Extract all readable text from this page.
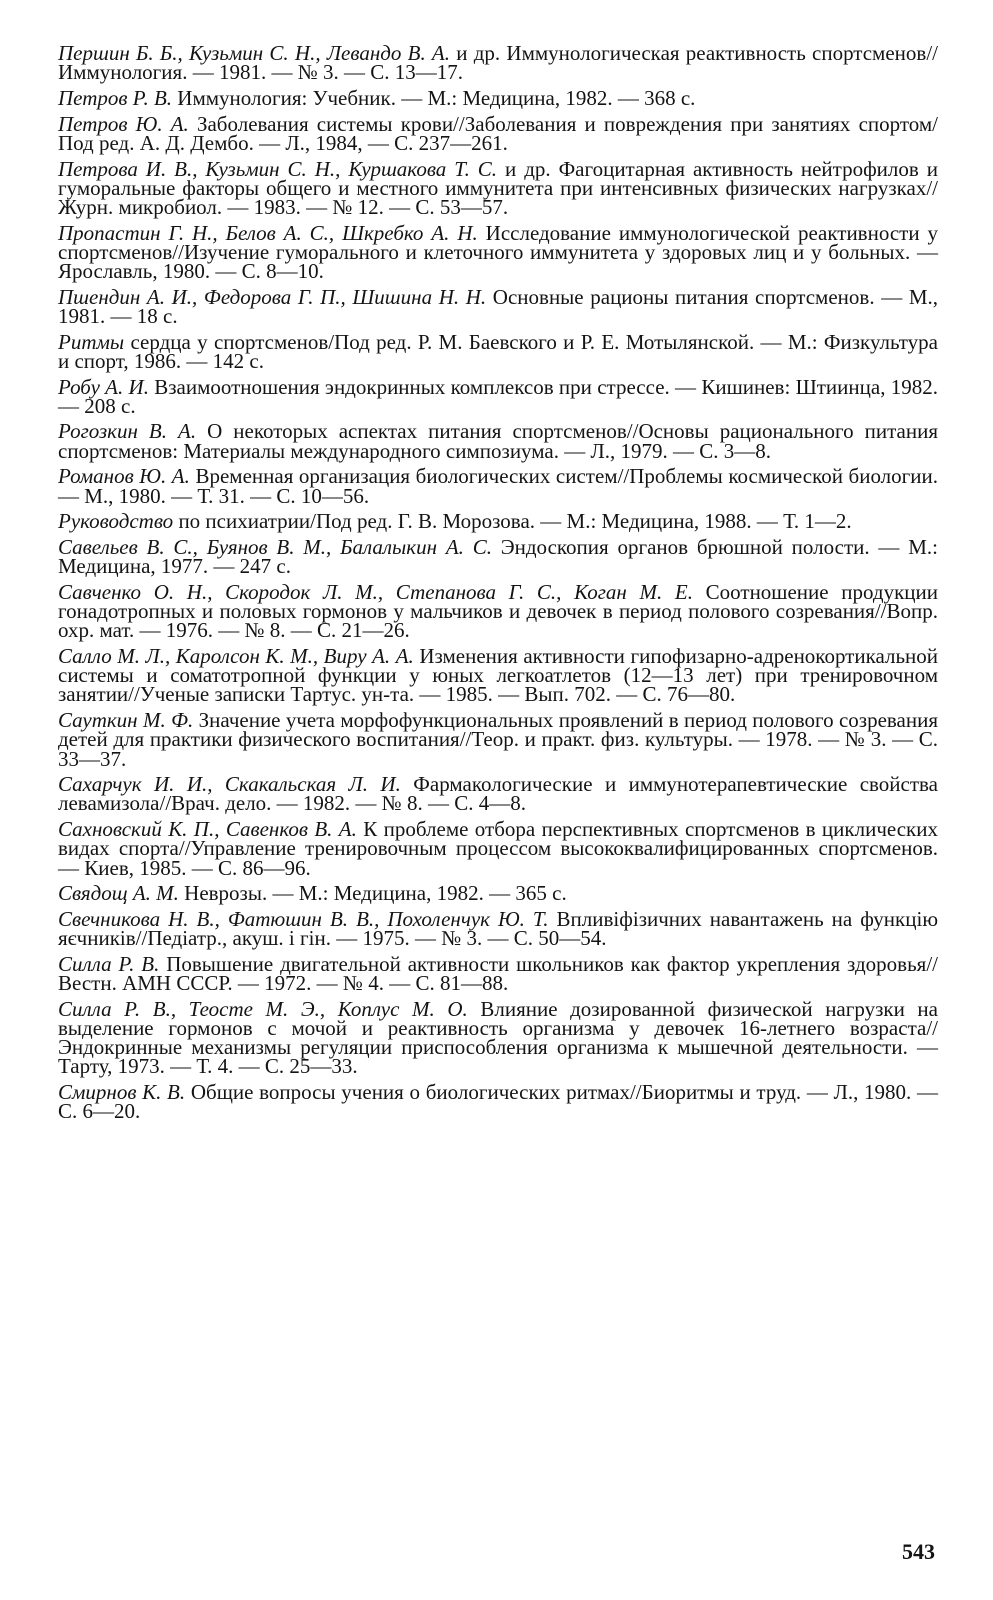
Першин Б. Б., Кузьмин С. Н., Левандо В. А. и др. Иммунологическая реактивность спортсменов//Иммунология. — 1981. — № 3. — С. 13—17.

Петров Р. В. Иммунология: Учебник. — М.: Медицина, 1982. — 368 с.

Петров Ю. А. Заболевания системы крови//Заболевания и повреждения при занятиях спортом/Под ред. А. Д. Дембо. — Л., 1984, — С. 237—261.

Петрова И. В., Кузьмин С. Н., Куршакова Т. С. и др. Фагоцитарная активность нейтрофилов и гуморальные факторы общего и местного иммунитета при интенсивных физических нагрузках//Журн. микробиол. — 1983. — № 12. — С. 53—57.

Пропастин Г. Н., Белов А. С., Шкребко А. Н. Исследование иммунологической реактивности у спортсменов//Изучение гуморального и клеточного иммунитета у здоровых лиц и у больных. — Ярославль, 1980. — С. 8—10.

Пшендин А. И., Федорова Г. П., Шишина Н. Н. Основные рационы питания спортсменов. — М., 1981. — 18 с.

Ритмы сердца у спортсменов/Под ред. Р. М. Баевского и Р. Е. Мотылянской. — М.: Физкультура и спорт, 1986. — 142 с.

Робу А. И. Взаимоотношения эндокринных комплексов при стрессе. — Кишинев: Штиинца, 1982. — 208 с.

Рогозкин В. А. О некоторых аспектах питания спортсменов//Основы рационального питания спортсменов: Материалы международного симпозиума. — Л., 1979. — С. 3—8.

Романов Ю. А. Временная организация биологических систем//Проблемы космической биологии. — М., 1980. — Т. 31. — С. 10—56.

Руководство по психиатрии/Под ред. Г. В. Морозова. — М.: Медицина, 1988. — Т. 1—2.

Савельев В. С., Буянов В. М., Балалыкин А. С. Эндоскопия органов брюшной полости. — М.: Медицина, 1977. — 247 с.

Савченко О. Н., Скородок Л. М., Степанова Г. С., Коган М. Е. Соотношение продукции гонадотропных и половых гормонов у мальчиков и девочек в период полового созревания//Вопр. охр. мат. — 1976. — № 8. — С. 21—26.

Салло М. Л., Каролсон К. М., Виру А. А. Изменения активности гипофизарно-адренокортикальной системы и соматотропной функции у юных легкоатлетов (12—13 лет) при тренировочном занятии//Ученые записки Тартус. ун-та. — 1985. — Вып. 702. — С. 76—80.

Сауткин М. Ф. Значение учета морфофункциональных проявлений в период полового созревания детей для практики физического воспитания//Теор. и практ. физ. культуры. — 1978. — № 3. — С. 33—37.

Сахарчук И. И., Скакальская Л. И. Фармакологические и иммунотерапевтические свойства левамизола//Врач. дело. — 1982. — № 8. — С. 4—8.

Сахновский К. П., Савенков В. А. К проблеме отбора перспективных спортсменов в циклических видах спорта//Управление тренировочным процессом высококвалифицированных спортсменов. — Киев, 1985. — С. 86—96.

Свядощ А. М. Неврозы. — М.: Медицина, 1982. — 365 с.

Свечникова Н. В., Фатюшин В. В., Похоленчук Ю. Т. Впливіфізичних навантажень на функцію яєчників//Педіатр., акуш. і гін. — 1975. — № 3. — С. 50—54.

Силла Р. В. Повышение двигательной активности школьников как фактор укрепления здоровья//Вестн. АМН СССР. — 1972. — № 4. — С. 81—88.

Силла Р. В., Теосте М. Э., Коплус М. О. Влияние дозированной физической нагрузки на выделение гормонов с мочой и реактивность организма у девочек 16-летнего возраста//Эндокринные механизмы регуляции приспособления организма к мышечной деятельности. — Тарту, 1973. — Т. 4. — С. 25—33.

Смирнов К. В. Общие вопросы учения о биологических ритмах//Биоритмы и труд. — Л., 1980. — С. 6—20.

543
